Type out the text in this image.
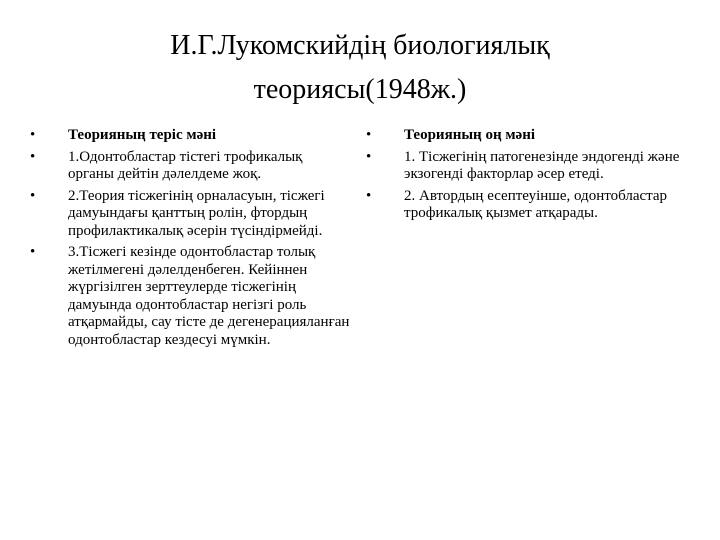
И.Г.Лукомскийдің биологиялық
теориясы(1948ж.)
•	Теорияның теріс мәні
•	1.Одонтобластар тістегі трофикалық органы дейтін дәлелдеме жоқ.
•	2.Теория тісжегінің орналасуын, тісжегі дамуындағы қанттың ролін, фтордың профилактикалық әсерін түсіндірмейді.
•	3.Тісжегі кезінде одонтобластар толық жетілмегені дәлелденбеген. Кейіннен жүргізілген зерттеулерде тісжегінің дамуында одонтобластар негізгі роль атқармайды, сау тісте де дегенерацияланған одонтобластар кездесуі мүмкін.
•	Теорияның оң мәні
•	1. Тісжегінің патогенезінде эндогенді және экзогенді факторлар әсер етеді.
•	2. Автордың есептеуінше, одонтобластар трофикалық қызмет атқарады.
